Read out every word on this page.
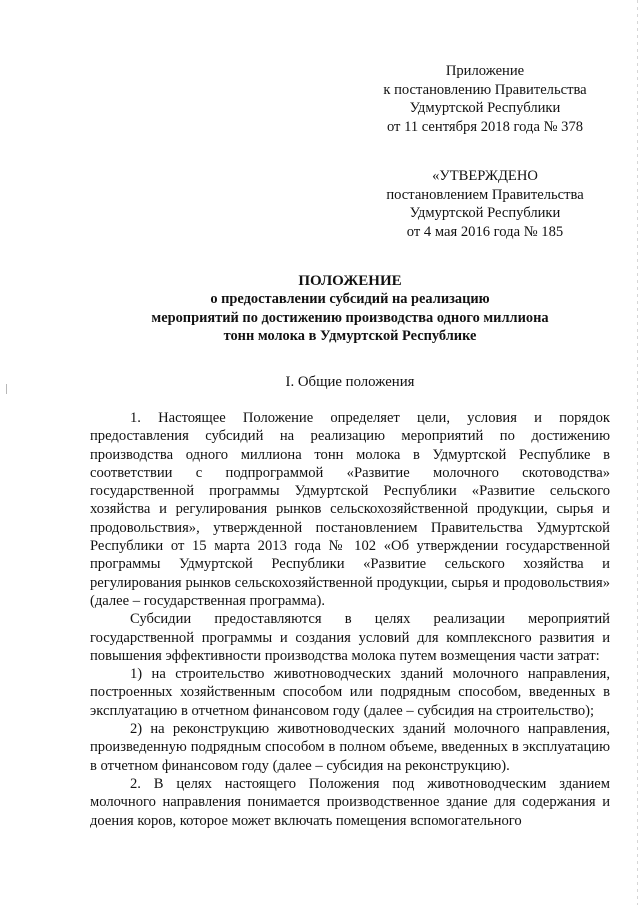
Приложение
к постановлению Правительства
Удмуртской Республики
от 11 сентября 2018 года № 378
«УТВЕРЖДЕНО
постановлением Правительства
Удмуртской Республики
от 4 мая 2016 года № 185
ПОЛОЖЕНИЕ
о предоставлении субсидий на реализацию
мероприятий по достижению производства одного миллиона
тонн молока в Удмуртской Республике
I. Общие положения

1. Настоящее Положение определяет цели, условия и порядок предоставления субсидий на реализацию мероприятий по достижению производства одного миллиона тонн молока в Удмуртской Республике в соответствии с подпрограммой «Развитие молочного скотоводства» государственной программы Удмуртской Республики «Развитие сельского хозяйства и регулирования рынков сельскохозяйственной продукции, сырья и продовольствия», утвержденной постановлением Правительства Удмуртской Республики от 15 марта 2013 года № 102 «Об утверждении государственной программы Удмуртской Республики «Развитие сельского хозяйства и регулирования рынков сельскохозяйственной продукции, сырья и продовольствия» (далее – государственная программа).

Субсидии предоставляются в целях реализации мероприятий государственной программы и создания условий для комплексного развития и повышения эффективности производства молока путем возмещения части затрат:

1) на строительство животноводческих зданий молочного направления, построенных хозяйственным способом или подрядным способом, введенных в эксплуатацию в отчетном финансовом году (далее – субсидия на строительство);

2) на реконструкцию животноводческих зданий молочного направления, произведенную подрядным способом в полном объеме, введенных в эксплуатацию в отчетном финансовом году (далее – субсидия на реконструкцию).

2. В целях настоящего Положения под животноводческим зданием молочного направления понимается производственное здание для содержания и доения коров, которое может включать помещения вспомогательного
